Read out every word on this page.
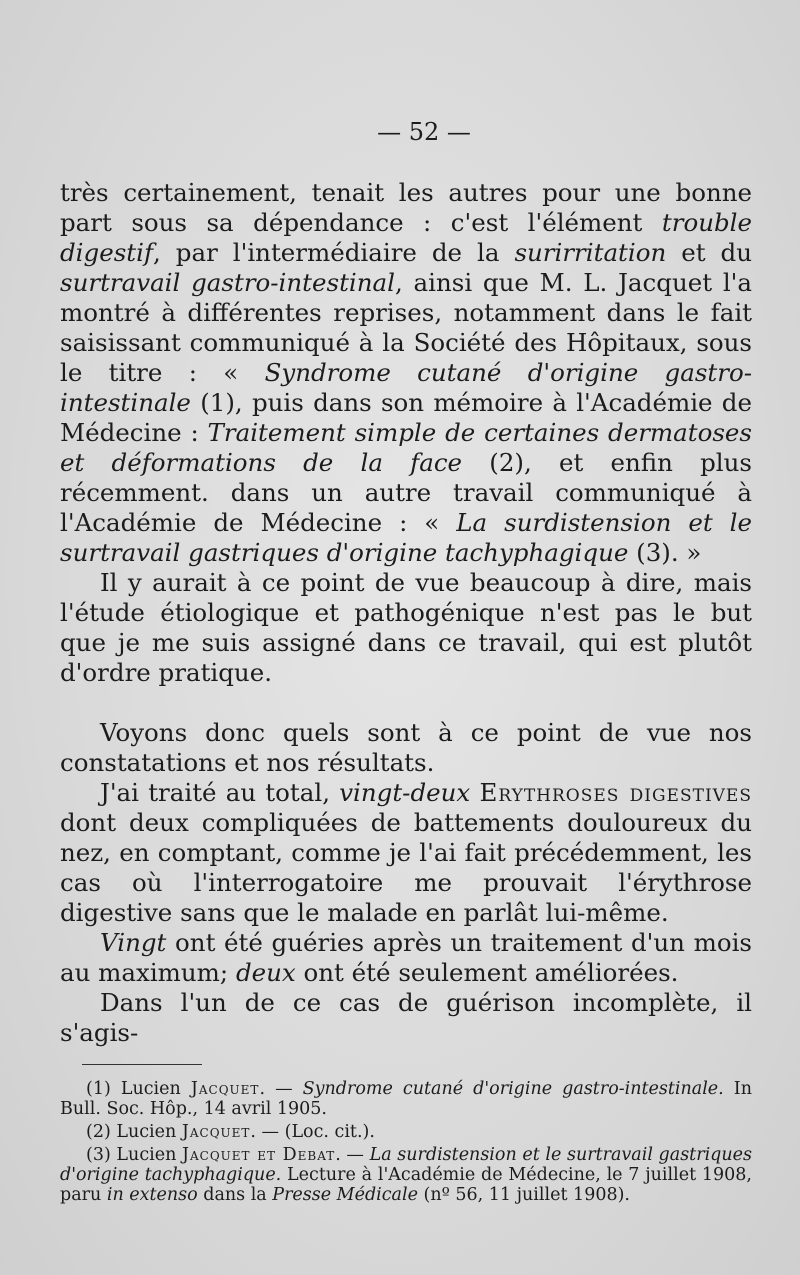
— 52 —

très certainement, tenait les autres pour une bonne part sous sa dépendance : c'est l'élément trouble digestif, par l'intermédiaire de la surirritation et du surtravail gastro-intestinal, ainsi que M. L. Jacquet l'a montré à différentes reprises, notamment dans le fait saisissant communiqué à la Société des Hôpitaux, sous le titre : « Syndrome cutané d'origine gastro-intestinale (1), puis dans son mémoire à l'Académie de Médecine : Traitement simple de certaines dermatoses et déformations de la face (2), et enfin plus récemment. dans un autre travail communiqué à l'Académie de Médecine : « La surdistension et le surtravail gastriques d'origine tachyphagique (3). »

Il y aurait à ce point de vue beaucoup à dire, mais l'étude étiologique et pathogénique n'est pas le but que je me suis assigné dans ce travail, qui est plutôt d'ordre pratique.

Voyons donc quels sont à ce point de vue nos constatations et nos résultats.

J'ai traité au total, vingt-deux Erythroses digestives dont deux compliquées de battements douloureux du nez, en comptant, comme je l'ai fait précédemment, les cas où l'interrogatoire me prouvait l'érythrose digestive sans que le malade en parlât lui-même.

Vingt ont été guéries après un traitement d'un mois au maximum; deux ont été seulement améliorées.

Dans l'un de ce cas de guérison incomplète, il s'agis-

(1) Lucien Jacquet. — Syndrome cutané d'origine gastro-intestinale. In Bull. Soc. Hôp., 14 avril 1905.

(2) Lucien Jacquet. — (Loc. cit.).

(3) Lucien Jacquet et Debat. — La surdistension et le surtravail gastriques d'origine tachyphagique. Lecture à l'Académie de Médecine, le 7 juillet 1908, paru in extenso dans la Presse Médicale (nº 56, 11 juillet 1908).
